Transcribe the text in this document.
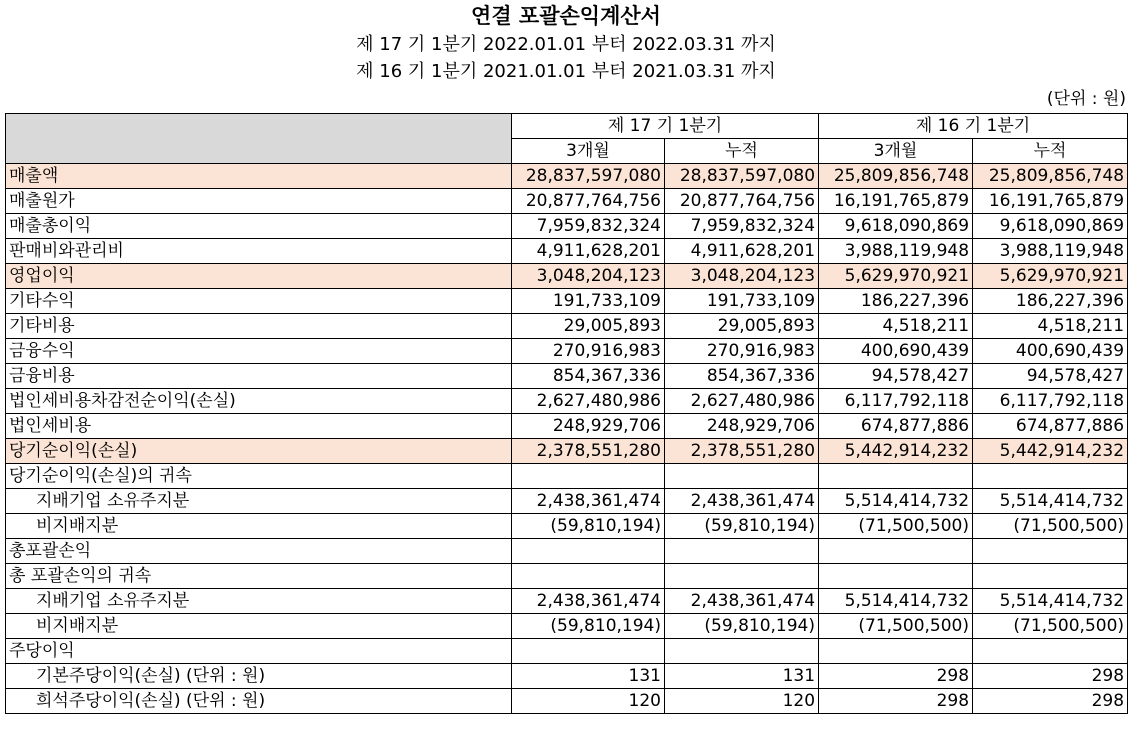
연결 포괄손익계산서
제 17 기 1분기 2022.01.01 부터 2022.03.31 까지
제 16 기 1분기 2021.01.01 부터 2021.03.31 까지
(단위 : 원)
	제 17 기 1분기		제 16 기 1분기	
	3개월	누적	3개월	누적
매출액	28,837,597,080	28,837,597,080	25,809,856,748	25,809,856,748
매출원가	20,877,764,756	20,877,764,756	16,191,765,879	16,191,765,879
매출총이익	7,959,832,324	7,959,832,324	9,618,090,869	9,618,090,869
판매비와관리비	4,911,628,201	4,911,628,201	3,988,119,948	3,988,119,948
영업이익	3,048,204,123	3,048,204,123	5,629,970,921	5,629,970,921
기타수익	191,733,109	191,733,109	186,227,396	186,227,396
기타비용	29,005,893	29,005,893	4,518,211	4,518,211
금융수익	270,916,983	270,916,983	400,690,439	400,690,439
금융비용	854,367,336	854,367,336	94,578,427	94,578,427
법인세비용차감전순이익(손실)	2,627,480,986	2,627,480,986	6,117,792,118	6,117,792,118
법인세비용	248,929,706	248,929,706	674,877,886	674,877,886
당기순이익(손실)	2,378,551,280	2,378,551,280	5,442,914,232	5,442,914,232
당기순이익(손실)의 귀속				
지배기업 소유주지분	2,438,361,474	2,438,361,474	5,514,414,732	5,514,414,732
비지배지분	(59,810,194)	(59,810,194)	(71,500,500)	(71,500,500)
총포괄손익				
총 포괄손익의 귀속				
지배기업 소유주지분	2,438,361,474	2,438,361,474	5,514,414,732	5,514,414,732
비지배지분	(59,810,194)	(59,810,194)	(71,500,500)	(71,500,500)
주당이익				
기본주당이익(손실) (단위 : 원)	131	131	298	298
희석주당이익(손실) (단위 : 원)	120	120	298	298
